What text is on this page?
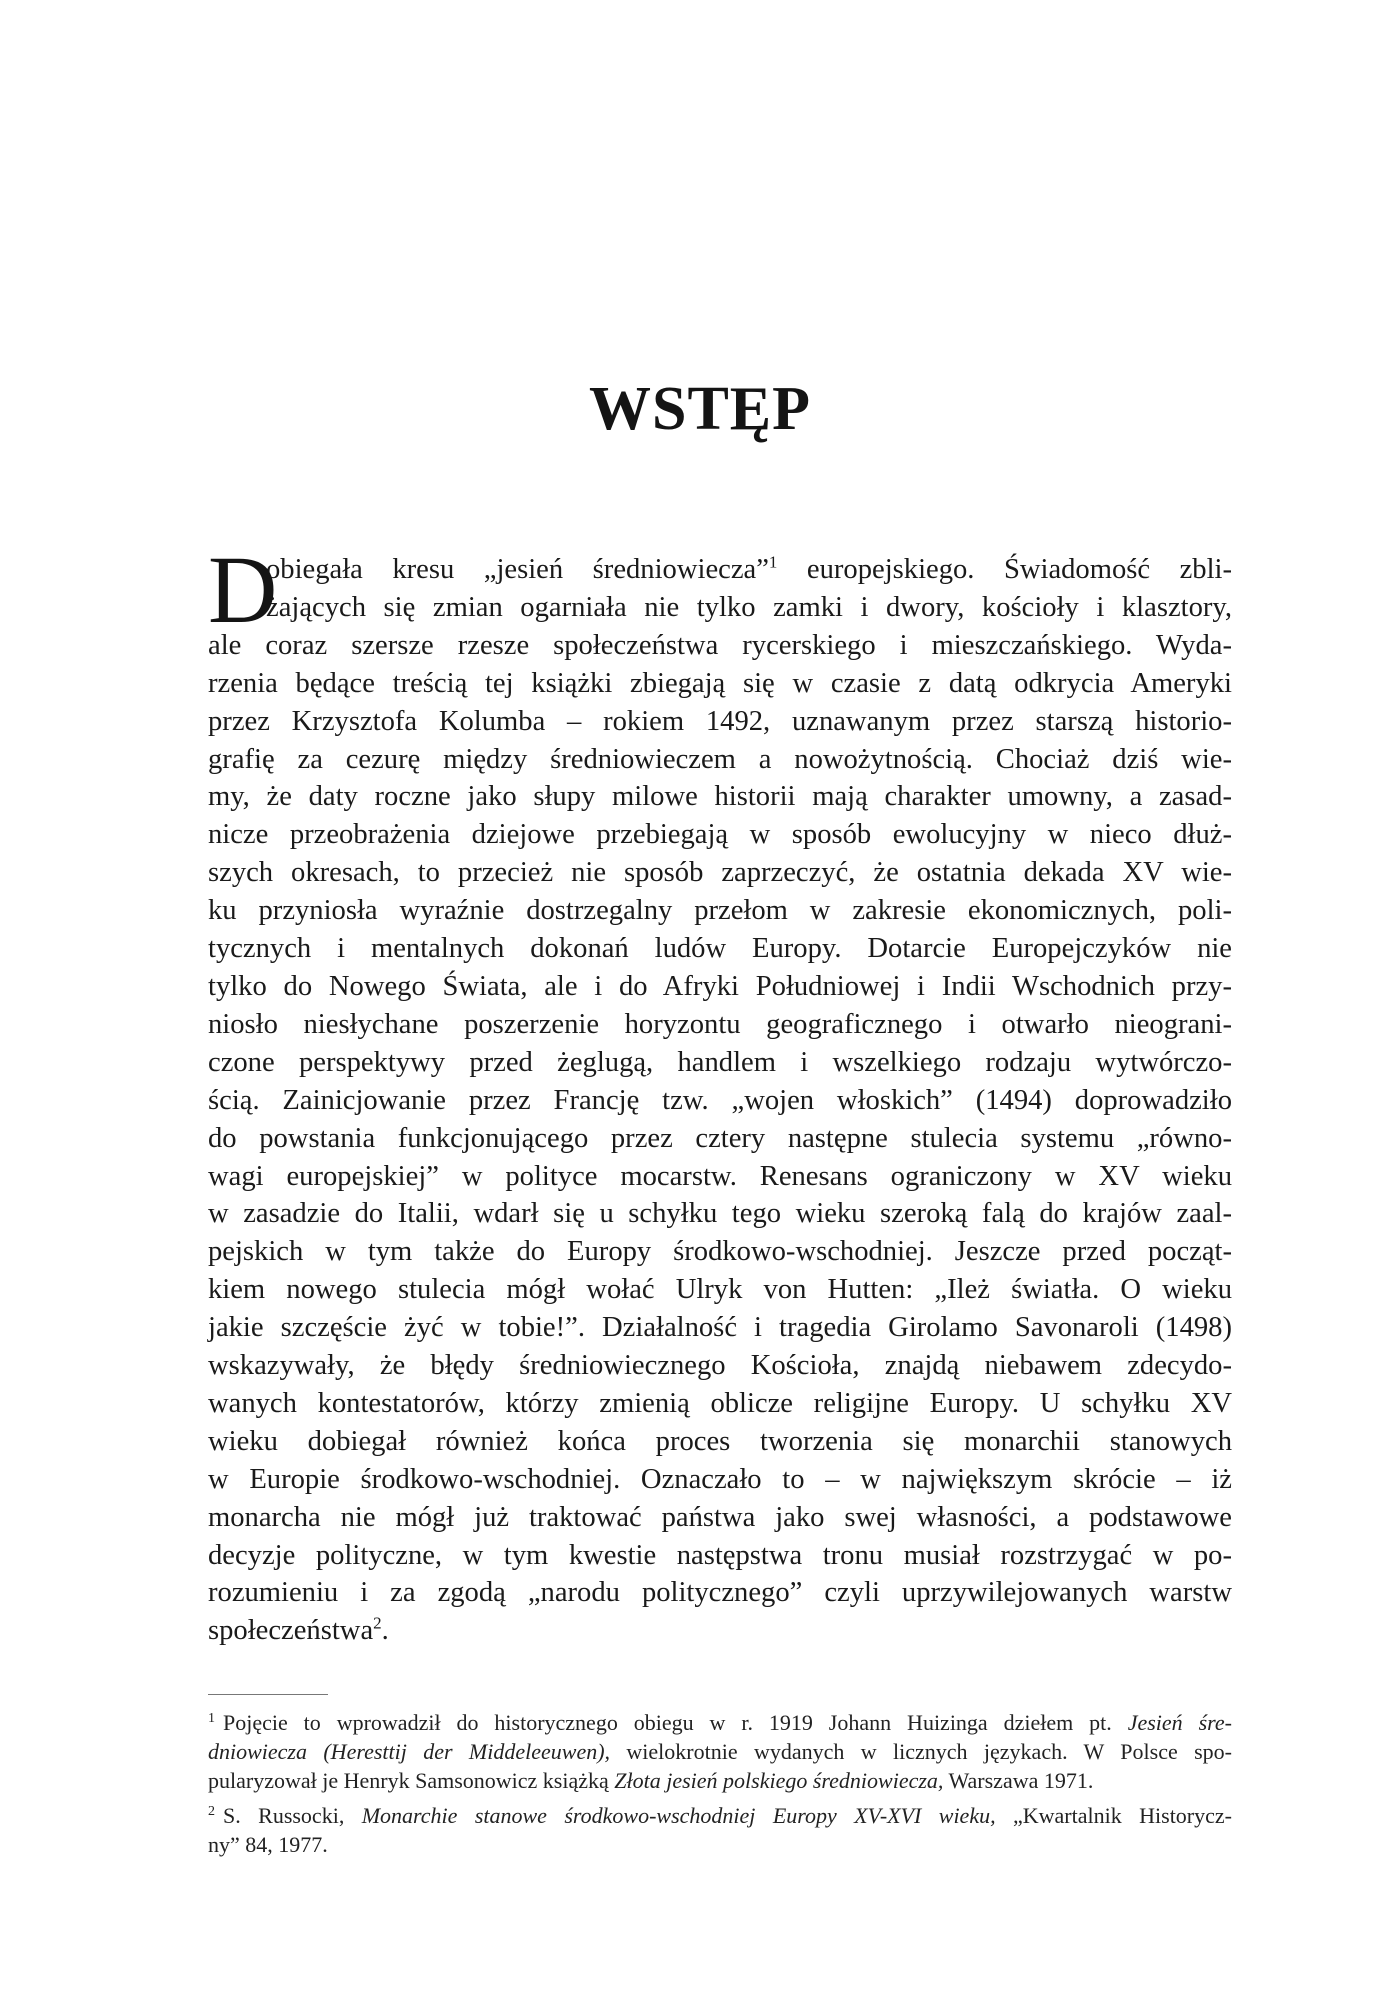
WSTĘP
D
obiegała kresu „jesień średniowiecza”$^1$ europejskiego. Świadomość zbli-
żających się zmian ogarniała nie tylko zamki i dwory, kościoły i klasztory,
ale coraz szersze rzesze społeczeństwa rycerskiego i mieszczańskiego. Wyda-
rzenia będące treścią tej książki zbiegają się w czasie z datą odkrycia Ameryki
przez Krzysztofa Kolumba – rokiem 1492, uznawanym przez starszą historio-
grafię za cezurę między średniowieczem a nowożytnością. Chociaż dziś wie-
my, że daty roczne jako słupy milowe historii mają charakter umowny, a zasad-
nicze przeobrażenia dziejowe przebiegają w sposób ewolucyjny w nieco dłuż-
szych okresach, to przecież nie sposób zaprzeczyć, że ostatnia dekada XV wie-
ku przyniosła wyraźnie dostrzegalny przełom w zakresie ekonomicznych, poli-
tycznych i mentalnych dokonań ludów Europy. Dotarcie Europejczyków nie
tylko do Nowego Świata, ale i do Afryki Południowej i Indii Wschodnich przy-
niosło niesłychane poszerzenie horyzontu geograficznego i otwarło nieograni-
czone perspektywy przed żeglugą, handlem i wszelkiego rodzaju wytwórczo-
ścią. Zainicjowanie przez Francję tzw. „wojen włoskich” (1494) doprowadziło
do powstania funkcjonującego przez cztery następne stulecia systemu „równo-
wagi europejskiej” w polityce mocarstw. Renesans ograniczony w XV wieku
w zasadzie do Italii, wdarł się u schyłku tego wieku szeroką falą do krajów zaal-
pejskich w tym także do Europy środkowo-wschodniej. Jeszcze przed począt-
kiem nowego stulecia mógł wołać Ulryk von Hutten: „Ileż światła. O wieku
jakie szczęście żyć w tobie!”. Działalność i tragedia Girolamo Savonaroli (1498)
wskazywały, że błędy średniowiecznego Kościoła, znajdą niebawem zdecydo-
wanych kontestatorów, którzy zmienią oblicze religijne Europy. U schyłku XV
wieku dobiegał również końca proces tworzenia się monarchii stanowych
w Europie środkowo-wschodniej. Oznaczało to – w największym skrócie – iż
monarcha nie mógł już traktować państwa jako swej własności, a podstawowe
decyzje polityczne, w tym kwestie następstwa tronu musiał rozstrzygać w po-
rozumieniu i za zgodą „narodu politycznego” czyli uprzywilejowanych warstw
społeczeństwa$^2$.
$^1$ Pojęcie to wprowadził do historycznego obiegu w r. 1919 Johann Huizinga dziełem pt. Jesień śre-
dniowiecza (Heresttij der Middeleeuwen), wielokrotnie wydanych w licznych językach. W Polsce spo-
pularyzował je Henryk Samsonowicz książką Złota jesień polskiego średniowiecza, Warszawa 1971.
$^2$ S. Russocki, Monarchie stanowe środkowo-wschodniej Europy XV-XVI wieku, „Kwartalnik Historycz-
ny” 84, 1977.
